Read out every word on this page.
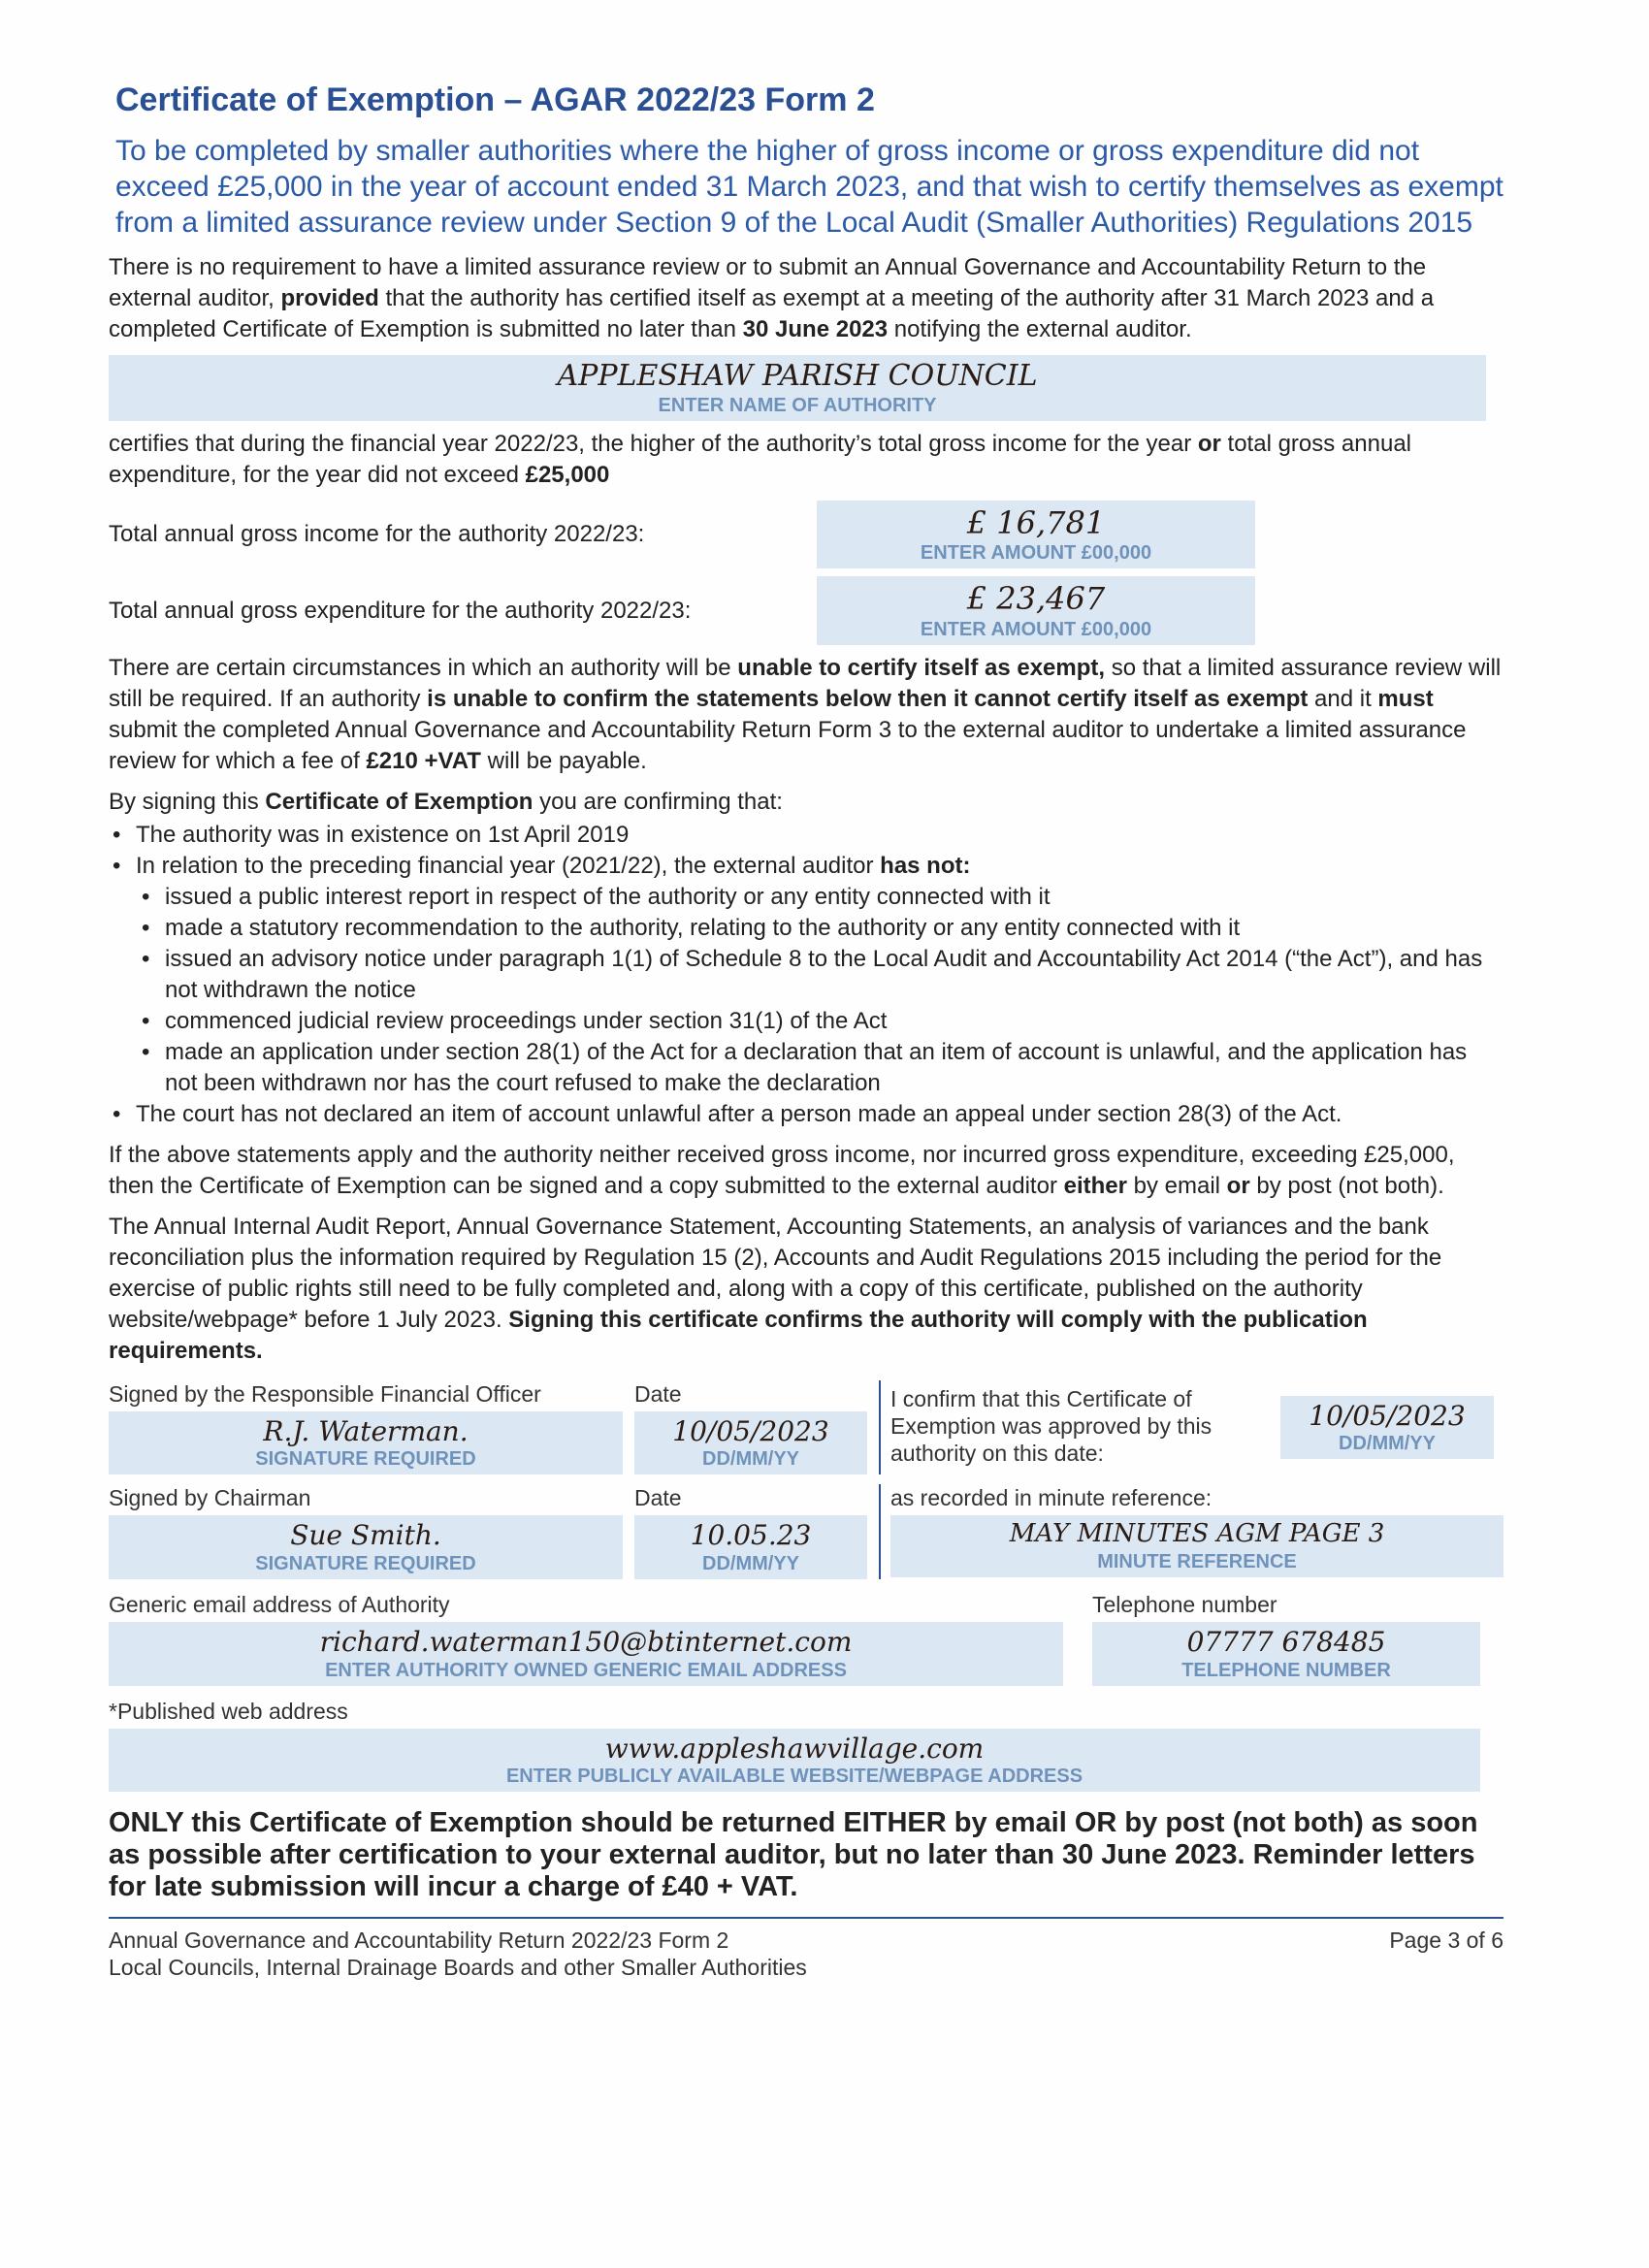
Certificate of Exemption – AGAR 2022/23 Form 2
To be completed by smaller authorities where the higher of gross income or gross expenditure did not exceed £25,000 in the year of account ended 31 March 2023, and that wish to certify themselves as exempt from a limited assurance review under Section 9 of the Local Audit (Smaller Authorities) Regulations 2015
There is no requirement to have a limited assurance review or to submit an Annual Governance and Accountability Return to the external auditor, provided that the authority has certified itself as exempt at a meeting of the authority after 31 March 2023 and a completed Certificate of Exemption is submitted no later than 30 June 2023 notifying the external auditor.
APPLESHAW PARISH COUNCIL
ENTER NAME OF AUTHORITY
certifies that during the financial year 2022/23, the higher of the authority’s total gross income for the year or total gross annual expenditure, for the year did not exceed £25,000
Total annual gross income for the authority 2022/23:	£ 16,781
ENTER AMOUNT £00,000
Total annual gross expenditure for the authority 2022/23:	£ 23,467
ENTER AMOUNT £00,000
There are certain circumstances in which an authority will be unable to certify itself as exempt, so that a limited assurance review will still be required. If an authority is unable to confirm the statements below then it cannot certify itself as exempt and it must submit the completed Annual Governance and Accountability Return Form 3 to the external auditor to undertake a limited assurance review for which a fee of £210 +VAT will be payable.
By signing this Certificate of Exemption you are confirming that:
• The authority was in existence on 1st April 2019
• In relation to the preceding financial year (2021/22), the external auditor has not:
• issued a public interest report in respect of the authority or any entity connected with it
• made a statutory recommendation to the authority, relating to the authority or any entity connected with it
• issued an advisory notice under paragraph 1(1) of Schedule 8 to the Local Audit and Accountability Act 2014 (“the Act”), and has not withdrawn the notice
• commenced judicial review proceedings under section 31(1) of the Act
• made an application under section 28(1) of the Act for a declaration that an item of account is unlawful, and the application has not been withdrawn nor has the court refused to make the declaration
• The court has not declared an item of account unlawful after a person made an appeal under section 28(3) of the Act.
If the above statements apply and the authority neither received gross income, nor incurred gross expenditure, exceeding £25,000, then the Certificate of Exemption can be signed and a copy submitted to the external auditor either by email or by post (not both).
The Annual Internal Audit Report, Annual Governance Statement, Accounting Statements, an analysis of variances and the bank reconciliation plus the information required by Regulation 15 (2), Accounts and Audit Regulations 2015 including the period for the exercise of public rights still need to be fully completed and, along with a copy of this certificate, published on the authority website/webpage* before 1 July 2023. Signing this certificate confirms the authority will comply with the publication requirements.
Signed by the Responsible Financial Officer
R.J. Waterman.
SIGNATURE REQUIRED
Date
10/05/2023
DD/MM/YY
I confirm that this Certificate of Exemption was approved by this authority on this date:
10/05/2023
DD/MM/YY
Signed by Chairman
Sue Smith.
SIGNATURE REQUIRED
Date
10.05.23
DD/MM/YY
as recorded in minute reference:
MAY MINUTES AGM PAGE 3
MINUTE REFERENCE
Generic email address of Authority
richard.waterman150@btinternet.com
ENTER AUTHORITY OWNED GENERIC EMAIL ADDRESS
Telephone number
07777 678485
TELEPHONE NUMBER
*Published web address
www.appleshawvillage.com
ENTER PUBLICLY AVAILABLE WEBSITE/WEBPAGE ADDRESS
ONLY this Certificate of Exemption should be returned EITHER by email OR by post (not both) as soon as possible after certification to your external auditor, but no later than 30 June 2023. Reminder letters for late submission will incur a charge of £40 + VAT.
Annual Governance and Accountability Return 2022/23 Form 2
Local Councils, Internal Drainage Boards and other Smaller Authorities
Page 3 of 6
